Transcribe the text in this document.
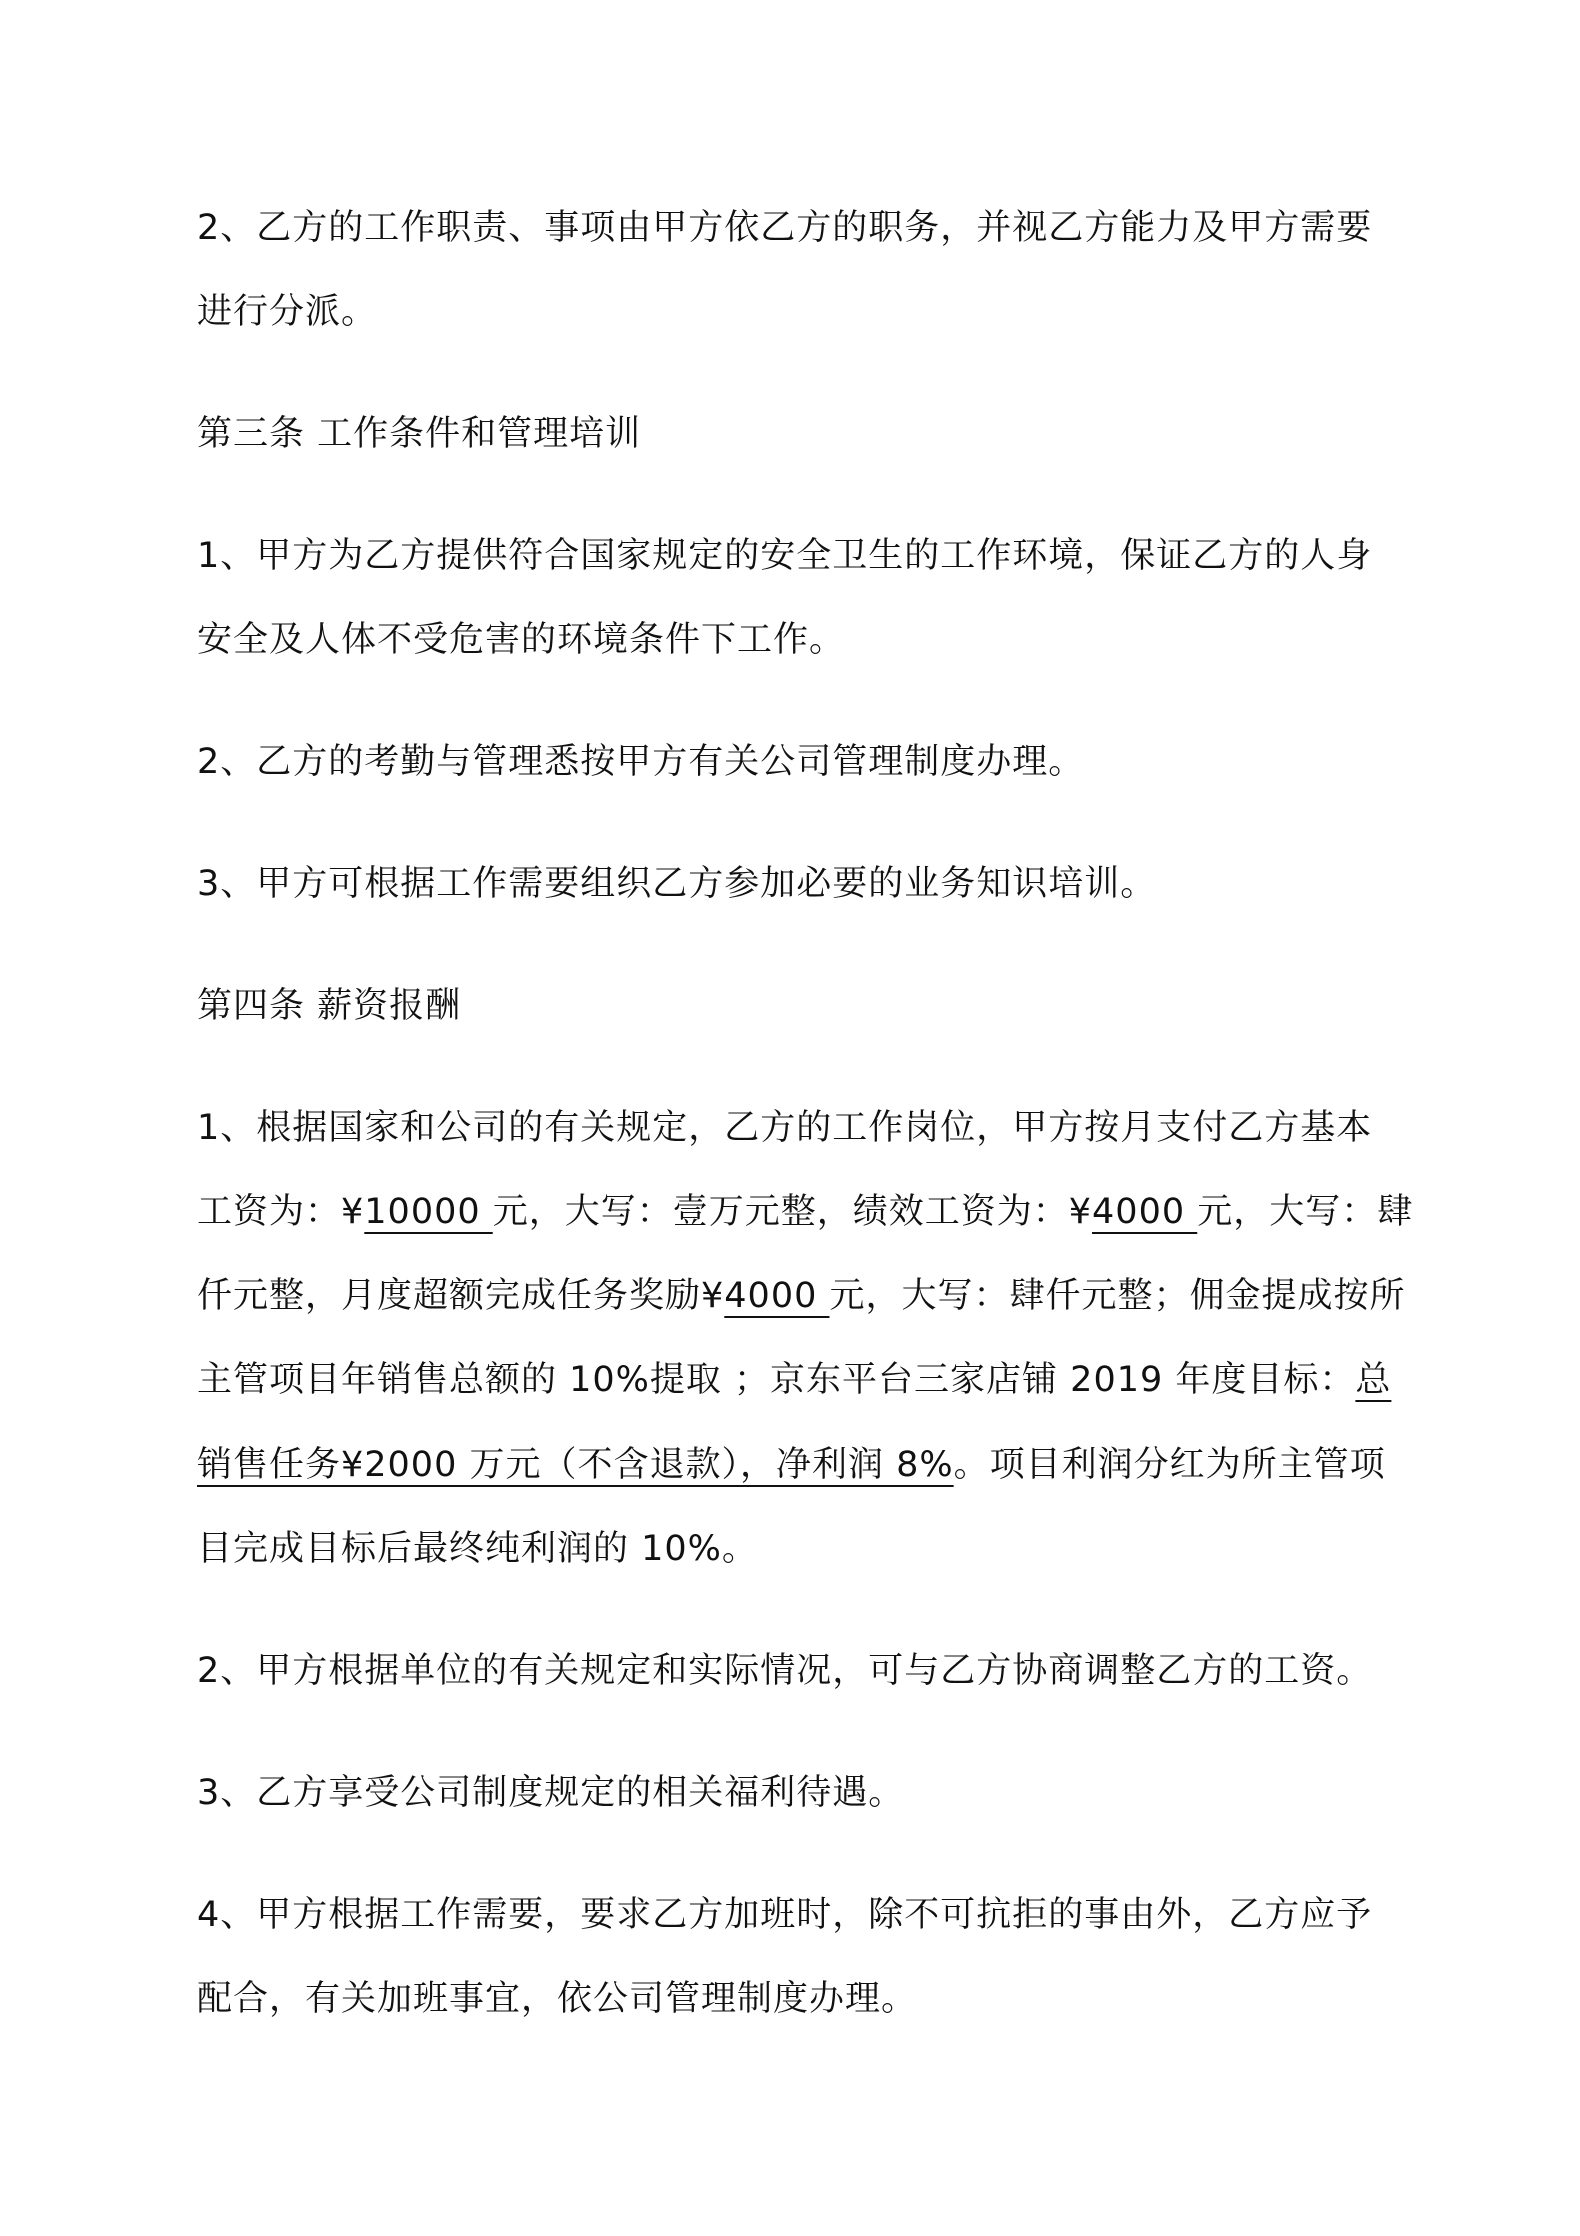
2、乙方的工作职责、事项由甲方依乙方的职务，并视乙方能力及甲方需要

进行分派。

第三条 工作条件和管理培训

1、甲方为乙方提供符合国家规定的安全卫生的工作环境，保证乙方的人身

安全及人体不受危害的环境条件下工作。

2、乙方的考勤与管理悉按甲方有关公司管理制度办理。

3、甲方可根据工作需要组织乙方参加必要的业务知识培训。

第四条 薪资报酬

1、根据国家和公司的有关规定，乙方的工作岗位，甲方按月支付乙方基本

工资为：¥10000 元，大写：壹万元整，绩效工资为：¥4000 元，大写：肆

仟元整，月度超额完成任务奖励¥4000 元，大写：肆仟元整；佣金提成按所

主管项目年销售总额的 10%提取 ；京东平台三家店铺 2019 年度目标：总

销售任务¥2000 万元（不含退款），净利润 8%。项目利润分红为所主管项

目完成目标后最终纯利润的 10%。

2、甲方根据单位的有关规定和实际情况，可与乙方协商调整乙方的工资。

3、乙方享受公司制度规定的相关福利待遇。

4、甲方根据工作需要，要求乙方加班时，除不可抗拒的事由外，乙方应予

配合，有关加班事宜，依公司管理制度办理。
